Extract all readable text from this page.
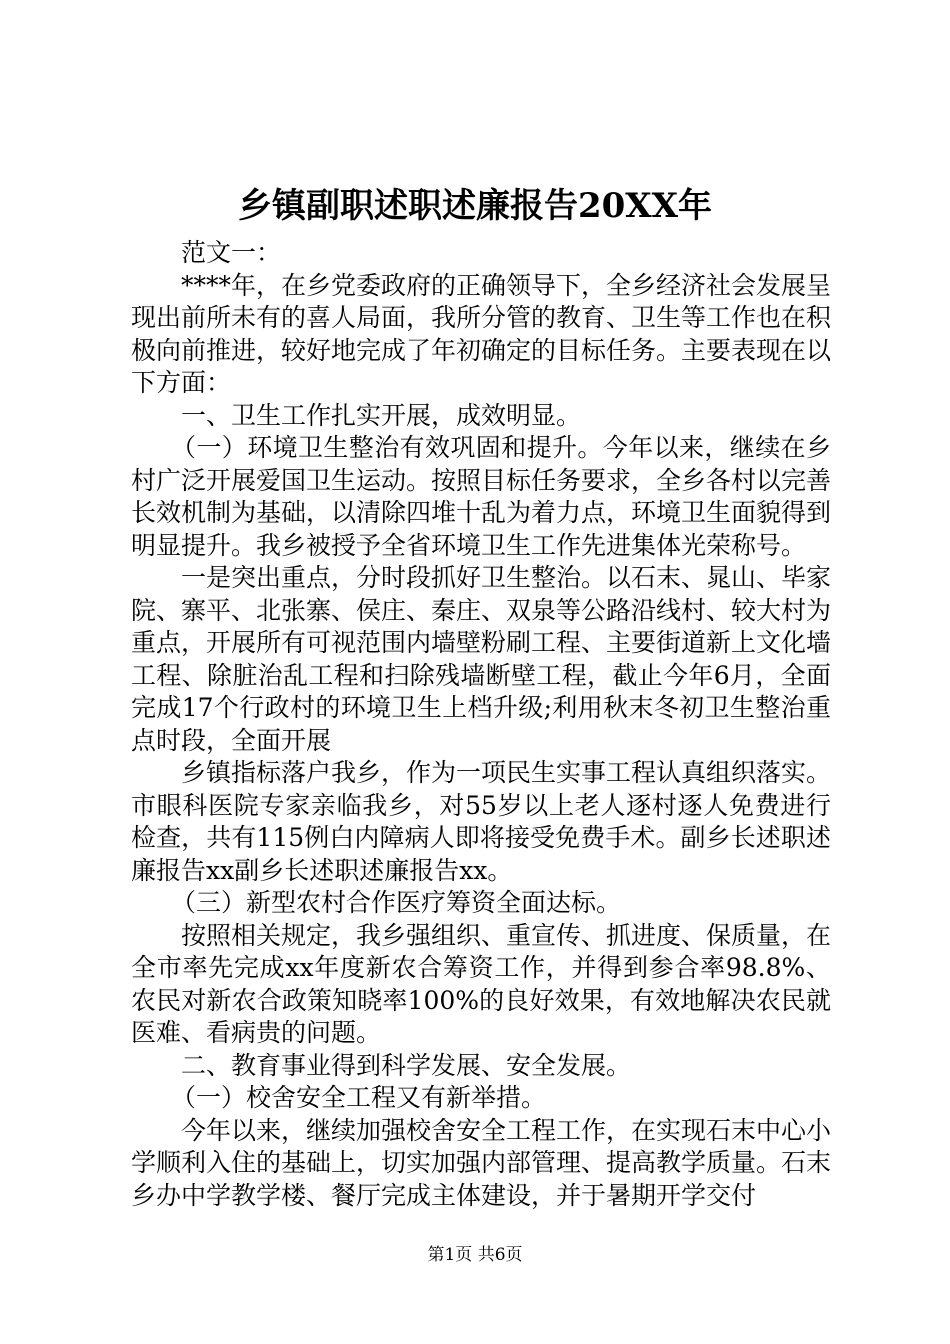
乡镇副职述职述廉报告20XX年

范文一：

****年，在乡党委政府的正确领导下，全乡经济社会发展呈现出前所未有的喜人局面，我所分管的教育、卫生等工作也在积极向前推进，较好地完成了年初确定的目标任务。主要表现在以下方面：

一、卫生工作扎实开展，成效明显。

（一）环境卫生整治有效巩固和提升。今年以来，继续在乡村广泛开展爱国卫生运动。按照目标任务要求，全乡各村以完善长效机制为基础，以清除四堆十乱为着力点，环境卫生面貌得到明显提升。我乡被授予全省环境卫生工作先进集体光荣称号。

一是突出重点，分时段抓好卫生整治。以石末、晁山、毕家院、寨平、北张寨、侯庄、秦庄、双泉等公路沿线村、较大村为重点，开展所有可视范围内墙壁粉刷工程、主要街道新上文化墙工程、除脏治乱工程和扫除残墙断壁工程，截止今年6月，全面完成17个行政村的环境卫生上档升级;利用秋末冬初卫生整治重点时段，全面开展

乡镇指标落户我乡，作为一项民生实事工程认真组织落实。市眼科医院专家亲临我乡，对55岁以上老人逐村逐人免费进行检查，共有115例白内障病人即将接受免费手术。副乡长述职述廉报告xx副乡长述职述廉报告xx。

（三）新型农村合作医疗筹资全面达标。

按照相关规定，我乡强组织、重宣传、抓进度、保质量，在全市率先完成xx年度新农合筹资工作，并得到参合率98.8%、农民对新农合政策知晓率100%的良好效果，有效地解决农民就医难、看病贵的问题。

二、教育事业得到科学发展、安全发展。

（一）校舍安全工程又有新举措。

今年以来，继续加强校舍安全工程工作，在实现石末中心小学顺利入住的基础上，切实加强内部管理、提高教学质量。石末乡办中学教学楼、餐厅完成主体建设，并于暑期开学交付

第1页 共6页
